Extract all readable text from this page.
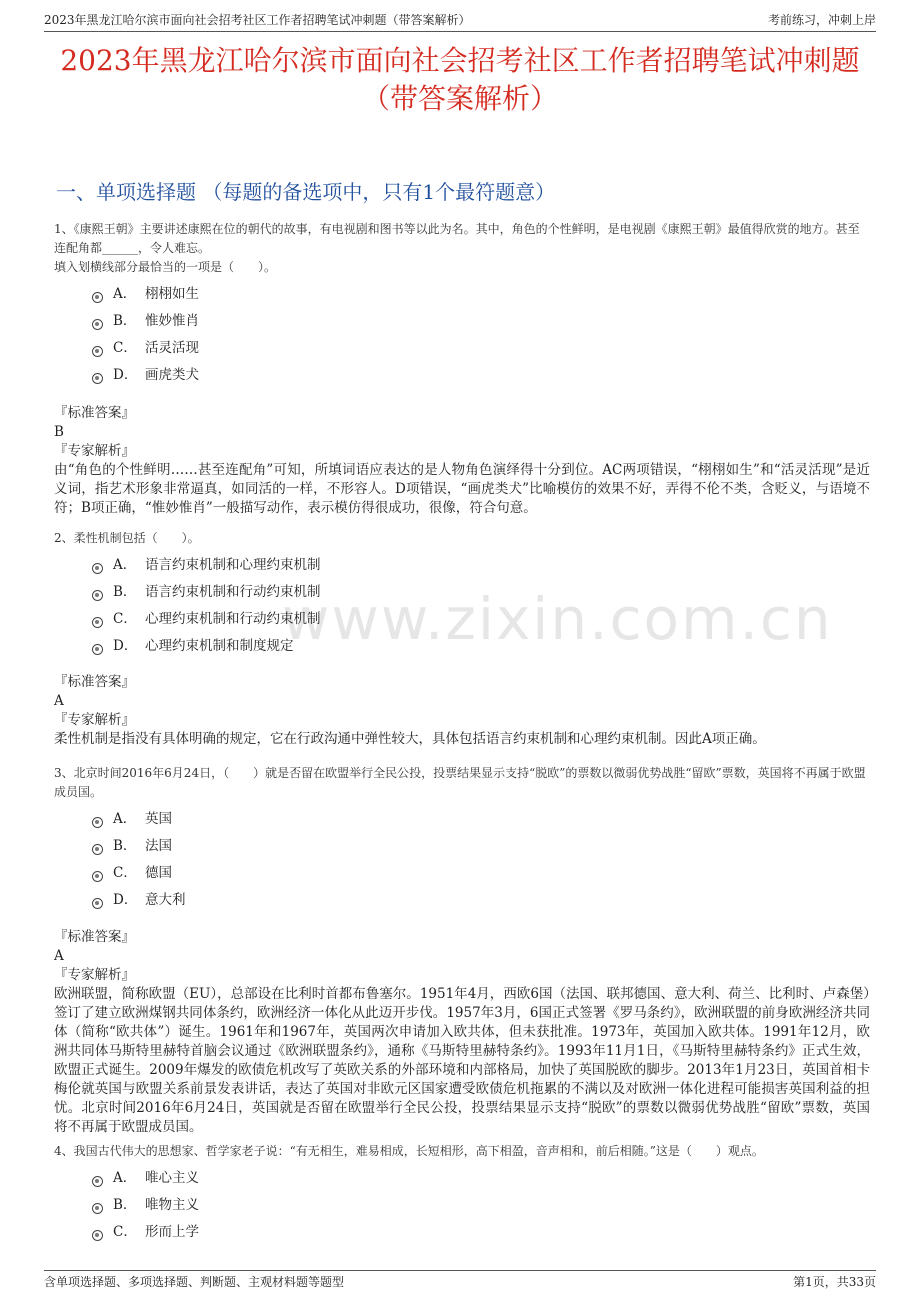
2023年黑龙江哈尔滨市面向社会招考社区工作者招聘笔试冲刺题（带答案解析）	考前练习，冲刺上岸
2023年黑龙江哈尔滨市面向社会招考社区工作者招聘笔试冲刺题（带答案解析）
一、单项选择题 （每题的备选项中，只有1个最符题意）
www.zixin.com.cn
1、《康熙王朝》主要讲述康熙在位的朝代的故事，有电视剧和图书等以此为名。其中，角色的个性鲜明，是电视剧《康熙王朝》最值得欣赏的地方。甚至连配角都______，令人难忘。
填入划横线部分最恰当的一项是（　　）。
A． 栩栩如生
B． 惟妙惟肖
C． 活灵活现
D． 画虎类犬
『标准答案』
B
『专家解析』
由“角色的个性鲜明……甚至连配角”可知，所填词语应表达的是人物角色演绎得十分到位。AC两项错误，“栩栩如生”和“活灵活现”是近义词，指艺术形象非常逼真，如同活的一样，不形容人。D项错误，“画虎类犬”比喻模仿的效果不好，弄得不伦不类，含贬义，与语境不符；B项正确，“惟妙惟肖”一般描写动作，表示模仿得很成功，很像，符合句意。
2、柔性机制包括（　　）。
A． 语言约束机制和心理约束机制
B． 语言约束机制和行动约束机制
C． 心理约束机制和行动约束机制
D． 心理约束机制和制度规定
『标准答案』
A
『专家解析』
柔性机制是指没有具体明确的规定，它在行政沟通中弹性较大，具体包括语言约束机制和心理约束机制。因此A项正确。
3、北京时间2016年6月24日，（　　）就是否留在欧盟举行全民公投，投票结果显示支持“脱欧”的票数以微弱优势战胜“留欧”票数，英国将不再属于欧盟成员国。
A． 英国
B． 法国
C． 德国
D． 意大利
『标准答案』
A
『专家解析』
欧洲联盟，简称欧盟（EU），总部设在比利时首都布鲁塞尔。1951年4月，西欧6国（法国、联邦德国、意大利、荷兰、比利时、卢森堡）签订了建立欧洲煤钢共同体条约，欧洲经济一体化从此迈开步伐。1957年3月，6国正式签署《罗马条约》，欧洲联盟的前身欧洲经济共同体（简称“欧共体”）诞生。1961年和1967年，英国两次申请加入欧共体，但未获批准。1973年，英国加入欧共体。1991年12月，欧洲共同体马斯特里赫特首脑会议通过《欧洲联盟条约》，通称《马斯特里赫特条约》。1993年11月1日，《马斯特里赫特条约》正式生效，欧盟正式诞生。2009年爆发的欧债危机改写了英欧关系的外部环境和内部格局，加快了英国脱欧的脚步。2013年1月23日，英国首相卡梅伦就英国与欧盟关系前景发表讲话，表达了英国对非欧元区国家遭受欧债危机拖累的不满以及对欧洲一体化进程可能损害英国利益的担忧。北京时间2016年6月24日，英国就是否留在欧盟举行全民公投，投票结果显示支持“脱欧”的票数以微弱优势战胜“留欧”票数，英国将不再属于欧盟成员国。
4、我国古代伟大的思想家、哲学家老子说：“有无相生，难易相成，长短相形，高下相盈，音声相和，前后相随。”这是（　　）观点。
A． 唯心主义
B． 唯物主义
C． 形而上学
含单项选择题、多项选择题、判断题、主观材料题等题型	第1页，共33页
